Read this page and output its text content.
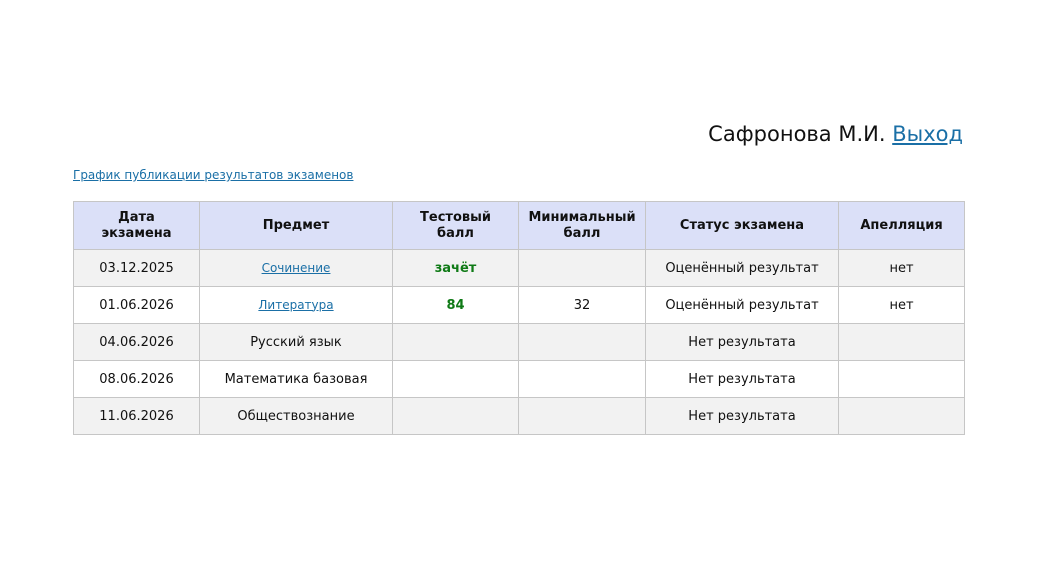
Сафронова М.И. Выход
График публикации результатов экзаменов
Дата экзамена	Предмет	Тестовый балл	Минимальный балл	Статус экзамена	Апелляция
03.12.2025	Сочинение	зачёт		Оценённый результат	нет
01.06.2026	Литература	84	32	Оценённый результат	нет
04.06.2026	Русский язык			Нет результата	
08.06.2026	Математика базовая			Нет результата	
11.06.2026	Обществознание			Нет результата	
